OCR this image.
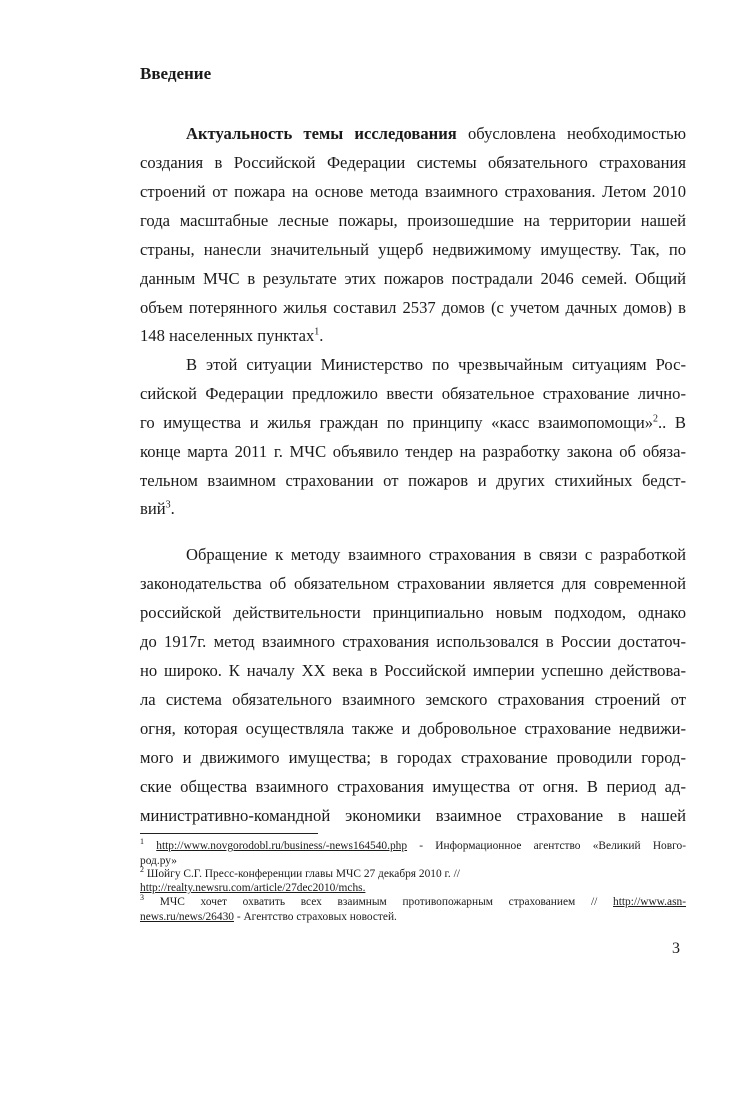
Введение
Актуальность темы исследования обусловлена необходимостью
создания в Российской Федерации системы обязательного страхования
строений от пожара на основе метода взаимного страхования. Летом 2010
года масштабные лесные пожары, произошедшие на территории нашей
страны, нанесли значительный ущерб недвижимому имуществу. Так, по
данным МЧС в результате этих пожаров пострадали 2046 семей. Общий
объем потерянного жилья составил 2537 домов (с учетом дачных домов) в
148 населенных пунктах$^1$.
В этой ситуации Министерство по чрезвычайным ситуациям Рос-
сийской Федерации предложило ввести обязательное страхование лично-
го имущества и жилья граждан по принципу «касс взаимопомощи»$^2$.. В
конце марта 2011 г. МЧС объявило тендер на разработку закона об обяза-
тельном взаимном страховании от пожаров и других стихийных бедст-
вий$^3$.
Обращение к методу взаимного страхования в связи с разработкой
законодательства об обязательном страховании является для современной
российской действительности принципиально новым подходом, однако
до 1917г. метод взаимного страхования использовался в России достаточ-
но широко. К началу XX века в Российской империи успешно действова-
ла система обязательного взаимного земского страхования строений от
огня, которая осуществляла также и добровольное страхование недвижи-
мого и движимого имущества; в городах страхование проводили город-
ские общества взаимного страхования имущества от огня. В период ад-
министративно-командной экономики взаимное страхование в нашей
$^1$ http://www.novgorodobl.ru/business/-news164540.php - Информационное агентство «Великий Новго-
род.ру»
$^2$ Шойгу С.Г. Пресс-конференции главы МЧС 27 декабря 2010 г. //
http://realty.newsru.com/article/27dec2010/mchs.
$^3$ МЧС хочет охватить всех взаимным противопожарным страхованием // http://www.asn-
news.ru/news/26430 - Агентство страховых новостей.
3
